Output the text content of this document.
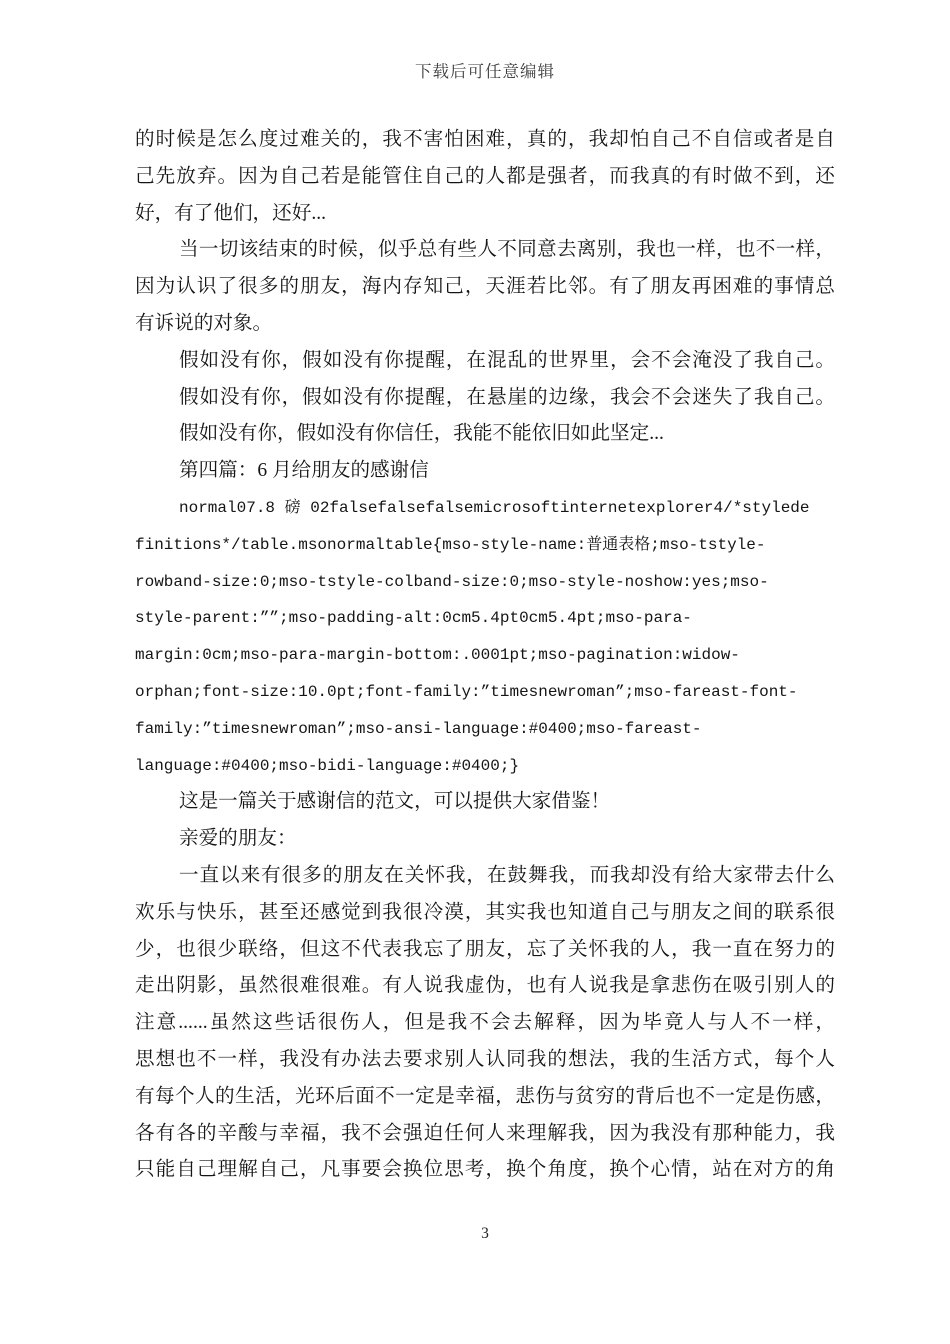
下载后可任意编辑
的时候是怎么度过难关的，我不害怕困难，真的，我却怕自己不自信或者是自
己先放弃。因为自己若是能管住自己的人都是强者，而我真的有时做不到，还
好，有了他们，还好...
当一切该结束的时候，似乎总有些人不同意去离别，我也一样，也不一样，
因为认识了很多的朋友，海内存知己，天涯若比邻。有了朋友再困难的事情总
有诉说的对象。
假如没有你，假如没有你提醒，在混乱的世界里，会不会淹没了我自己。
假如没有你，假如没有你提醒，在悬崖的边缘，我会不会迷失了我自己。
假如没有你，假如没有你信任，我能不能依旧如此坚定...
第四篇：6 月给朋友的感谢信
normal07.8 磅 02falsefalsefalsemicrosoftinternetexplorer4/*stylede
finitions*/table.msonormaltable{mso-style-name:普通表格;mso-tstyle-
rowband-size:0;mso-tstyle-colband-size:0;mso-style-noshow:yes;mso-
style-parent:””;mso-padding-alt:0cm5.4pt0cm5.4pt;mso-para-
margin:0cm;mso-para-margin-bottom:.0001pt;mso-pagination:widow-
orphan;font-size:10.0pt;font-family:”timesnewroman”;mso-fareast-font-
family:”timesnewroman”;mso-ansi-language:#0400;mso-fareast-
language:#0400;mso-bidi-language:#0400;}
这是一篇关于感谢信的范文，可以提供大家借鉴！
亲爱的朋友：
一直以来有很多的朋友在关怀我，在鼓舞我，而我却没有给大家带去什么
欢乐与快乐，甚至还感觉到我很冷漠，其实我也知道自己与朋友之间的联系很
少，也很少联络，但这不代表我忘了朋友，忘了关怀我的人，我一直在努力的
走出阴影，虽然很难很难。有人说我虚伪，也有人说我是拿悲伤在吸引别人的
注意......虽然这些话很伤人，但是我不会去解释，因为毕竟人与人不一样，
思想也不一样，我没有办法去要求别人认同我的想法，我的生活方式，每个人
有每个人的生活，光环后面不一定是幸福，悲伤与贫穷的背后也不一定是伤感，
各有各的辛酸与幸福，我不会强迫任何人来理解我，因为我没有那种能力，我
只能自己理解自己，凡事要会换位思考，换个角度，换个心情，站在对方的角
3
